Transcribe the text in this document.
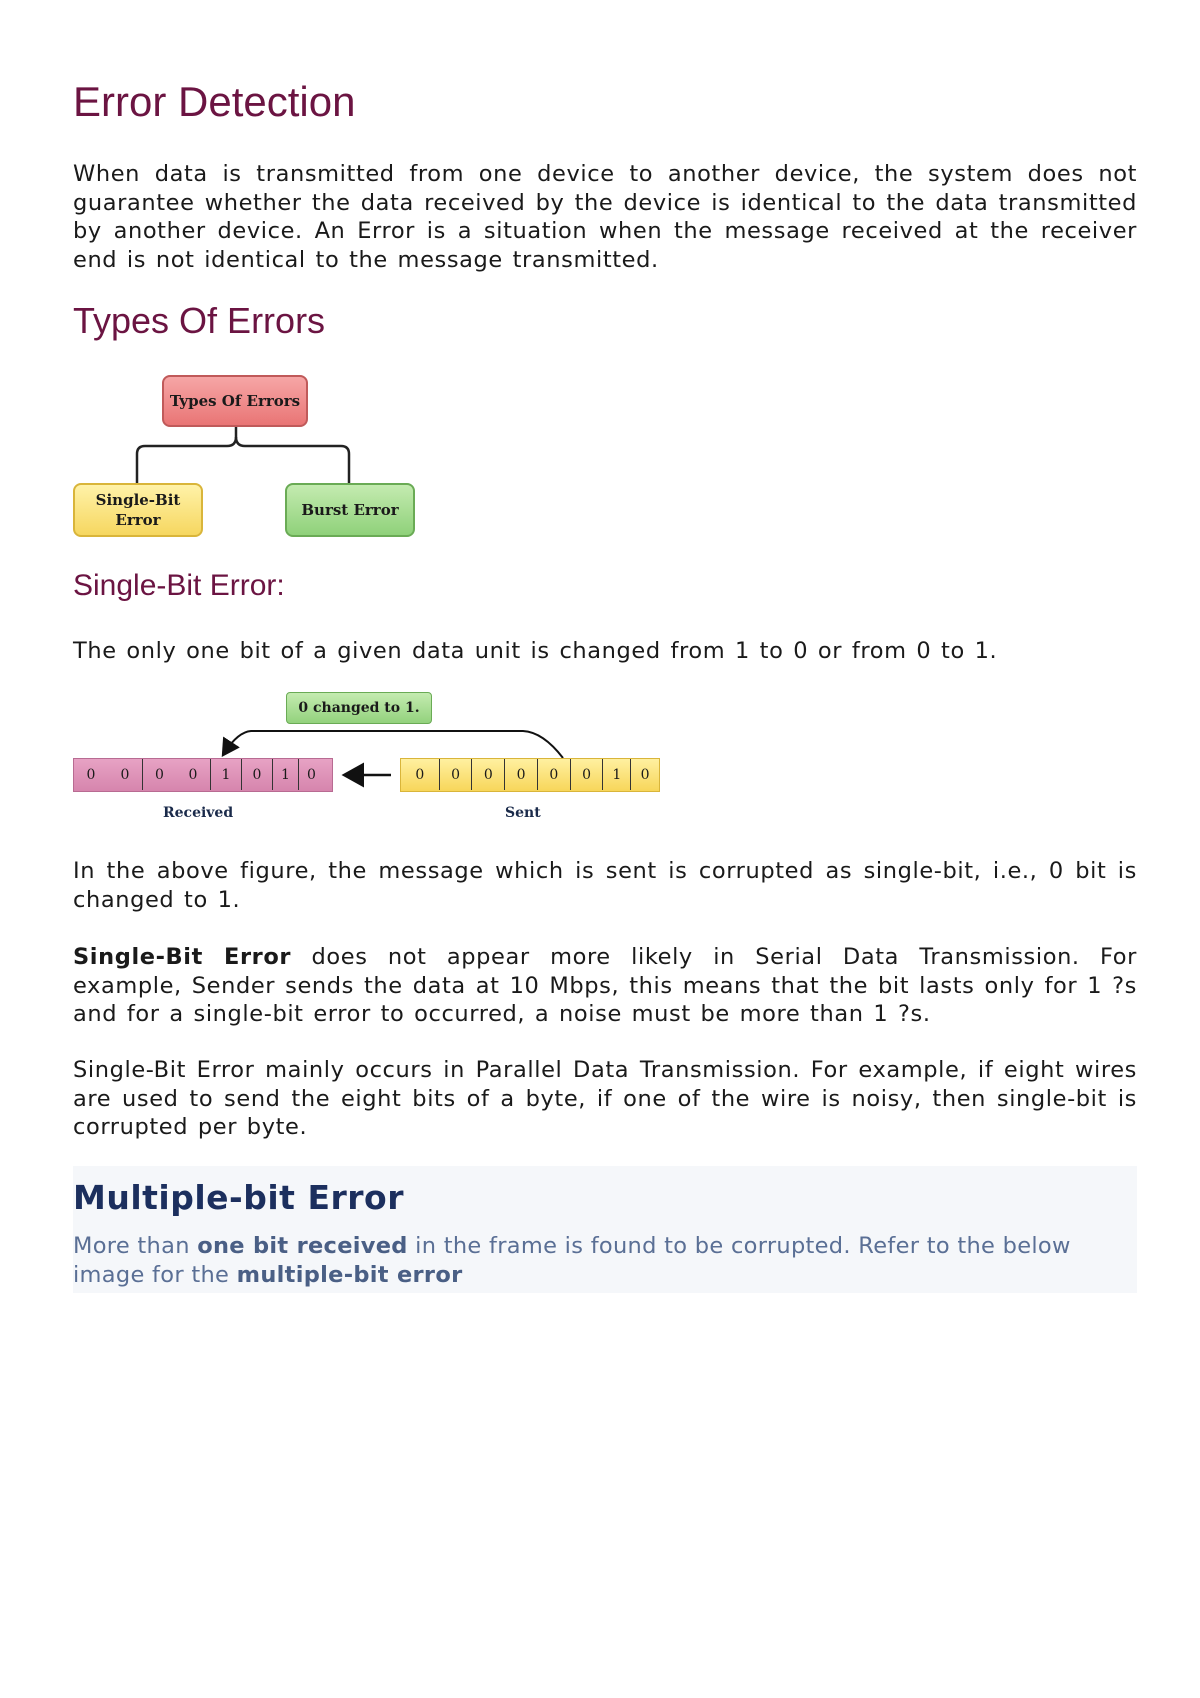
Error Detection

When data is transmitted from one device to another device, the system does not guarantee whether the data received by the device is identical to the data transmitted by another device. An Error is a situation when the message received at the receiver end is not identical to the message transmitted.

Types Of Errors
Types Of Errors
Single-Bit
Error
Burst Error
Single-Bit Error:

The only one bit of a given data unit is changed from 1 to 0 or from 0 to 1.

0 changed to 1.
0	0	0	0	1	0	1	0	0	0	0	0	0	0	1	0
Received	Sent

In the above figure, the message which is sent is corrupted as single-bit, i.e., 0 bit is changed to 1.

Single-Bit Error does not appear more likely in Serial Data Transmission. For example, Sender sends the data at 10 Mbps, this means that the bit lasts only for 1 ?s and for a single-bit error to occurred, a noise must be more than 1 ?s.

Single-Bit Error mainly occurs in Parallel Data Transmission. For example, if eight wires are used to send the eight bits of a byte, if one of the wire is noisy, then single-bit is corrupted per byte.

Multiple-bit Error

More than one bit received in the frame is found to be corrupted. Refer to the below image for the multiple-bit error
